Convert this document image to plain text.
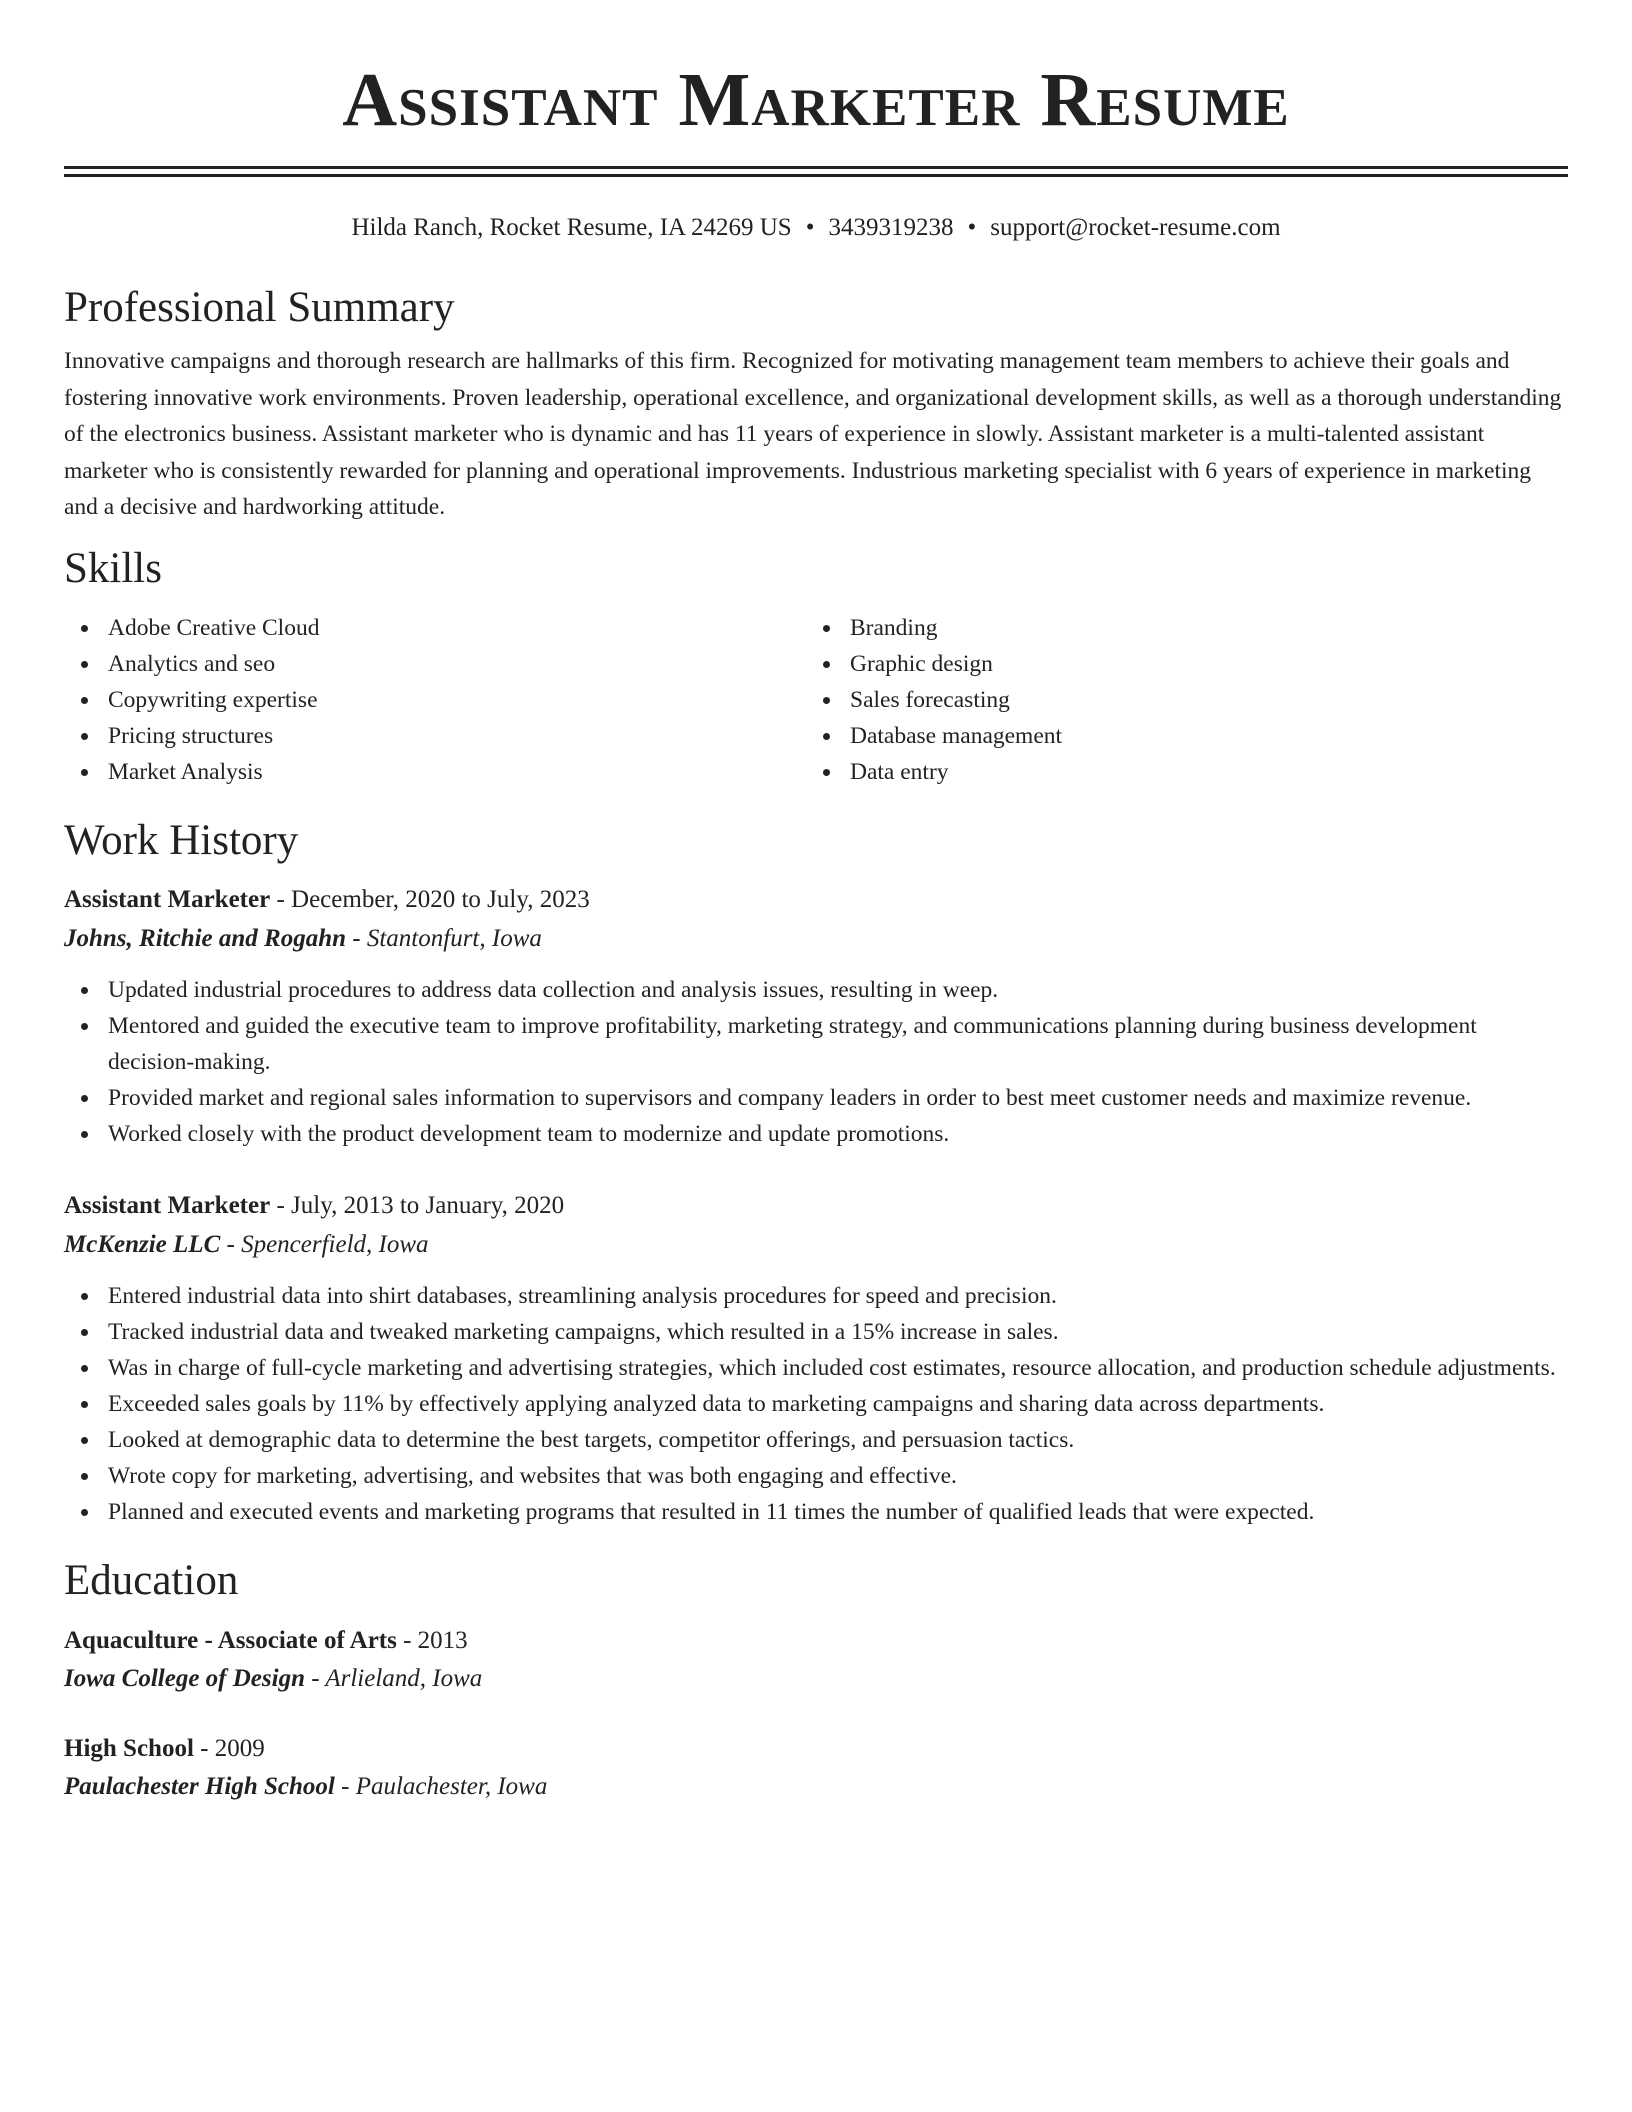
Assistant Marketer Resume
Hilda Ranch, Rocket Resume, IA 24269 US • 3439319238 • support@rocket-resume.com
Professional Summary

Innovative campaigns and thorough research are hallmarks of this firm. Recognized for motivating management team members to achieve their goals and fostering innovative work environments. Proven leadership, operational excellence, and organizational development skills, as well as a thorough understanding of the electronics business. Assistant marketer who is dynamic and has 11 years of experience in slowly. Assistant marketer is a multi-talented assistant marketer who is consistently rewarded for planning and operational improvements. Industrious marketing specialist with 6 years of experience in marketing and a decisive and hardworking attitude.

Skills
Adobe Creative Cloud
Analytics and seo
Copywriting expertise
Pricing structures
Market Analysis
Branding
Graphic design
Sales forecasting
Database management
Data entry
Work History
Assistant Marketer - December, 2020 to July, 2023
Johns, Ritchie and Rogahn - Stantonfurt, Iowa
Updated industrial procedures to address data collection and analysis issues, resulting in weep.
Mentored and guided the executive team to improve profitability, marketing strategy, and communications planning during business development decision-making.
Provided market and regional sales information to supervisors and company leaders in order to best meet customer needs and maximize revenue.
Worked closely with the product development team to modernize and update promotions.
Assistant Marketer - July, 2013 to January, 2020
McKenzie LLC - Spencerfield, Iowa
Entered industrial data into shirt databases, streamlining analysis procedures for speed and precision.
Tracked industrial data and tweaked marketing campaigns, which resulted in a 15% increase in sales.
Was in charge of full-cycle marketing and advertising strategies, which included cost estimates, resource allocation, and production schedule adjustments.
Exceeded sales goals by 11% by effectively applying analyzed data to marketing campaigns and sharing data across departments.
Looked at demographic data to determine the best targets, competitor offerings, and persuasion tactics.
Wrote copy for marketing, advertising, and websites that was both engaging and effective.
Planned and executed events and marketing programs that resulted in 11 times the number of qualified leads that were expected.
Education
Aquaculture - Associate of Arts - 2013
Iowa College of Design - Arlieland, Iowa
High School - 2009
Paulachester High School - Paulachester, Iowa
